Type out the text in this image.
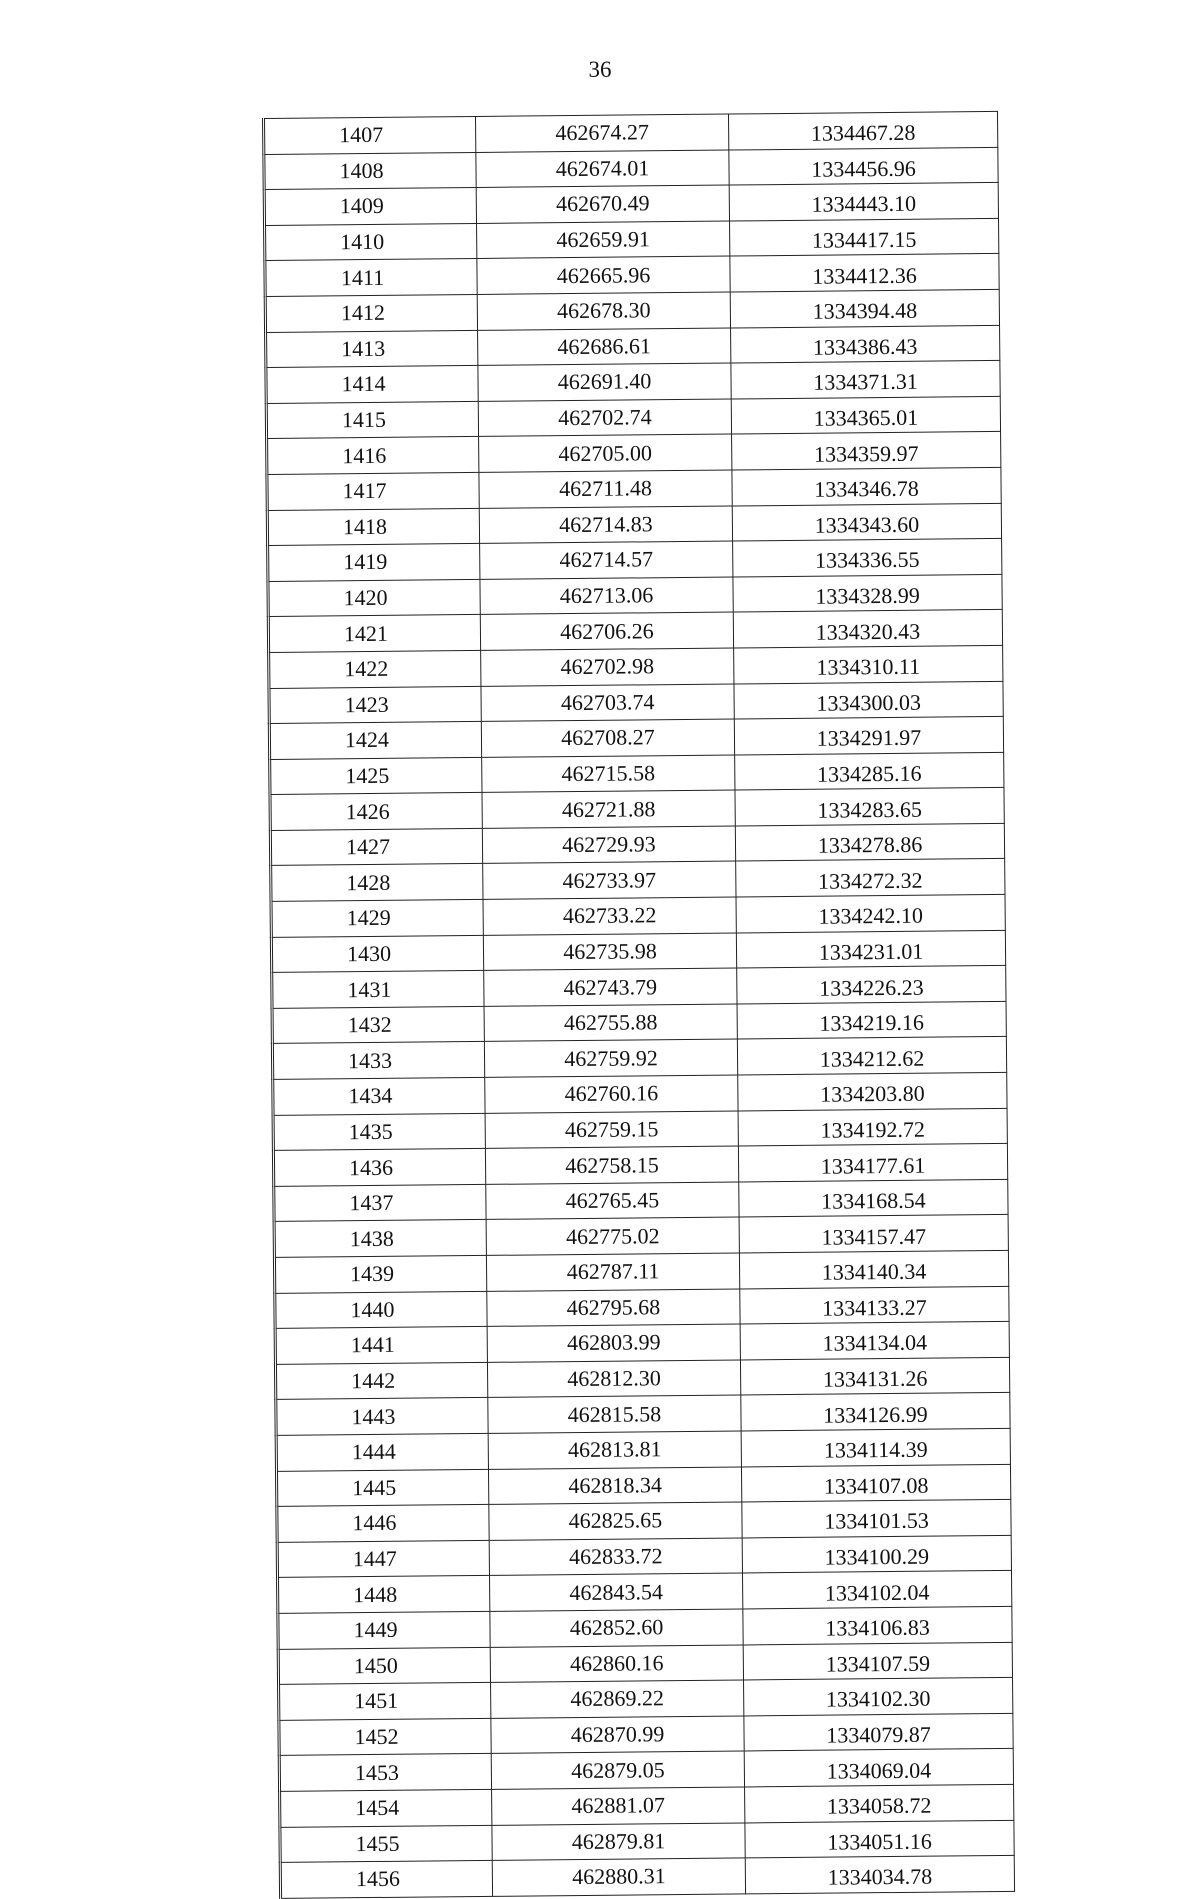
36
1407	462674.27	1334467.28
1408	462674.01	1334456.96
1409	462670.49	1334443.10
1410	462659.91	1334417.15
1411	462665.96	1334412.36
1412	462678.30	1334394.48
1413	462686.61	1334386.43
1414	462691.40	1334371.31
1415	462702.74	1334365.01
1416	462705.00	1334359.97
1417	462711.48	1334346.78
1418	462714.83	1334343.60
1419	462714.57	1334336.55
1420	462713.06	1334328.99
1421	462706.26	1334320.43
1422	462702.98	1334310.11
1423	462703.74	1334300.03
1424	462708.27	1334291.97
1425	462715.58	1334285.16
1426	462721.88	1334283.65
1427	462729.93	1334278.86
1428	462733.97	1334272.32
1429	462733.22	1334242.10
1430	462735.98	1334231.01
1431	462743.79	1334226.23
1432	462755.88	1334219.16
1433	462759.92	1334212.62
1434	462760.16	1334203.80
1435	462759.15	1334192.72
1436	462758.15	1334177.61
1437	462765.45	1334168.54
1438	462775.02	1334157.47
1439	462787.11	1334140.34
1440	462795.68	1334133.27
1441	462803.99	1334134.04
1442	462812.30	1334131.26
1443	462815.58	1334126.99
1444	462813.81	1334114.39
1445	462818.34	1334107.08
1446	462825.65	1334101.53
1447	462833.72	1334100.29
1448	462843.54	1334102.04
1449	462852.60	1334106.83
1450	462860.16	1334107.59
1451	462869.22	1334102.30
1452	462870.99	1334079.87
1453	462879.05	1334069.04
1454	462881.07	1334058.72
1455	462879.81	1334051.16
1456	462880.31	1334034.78
